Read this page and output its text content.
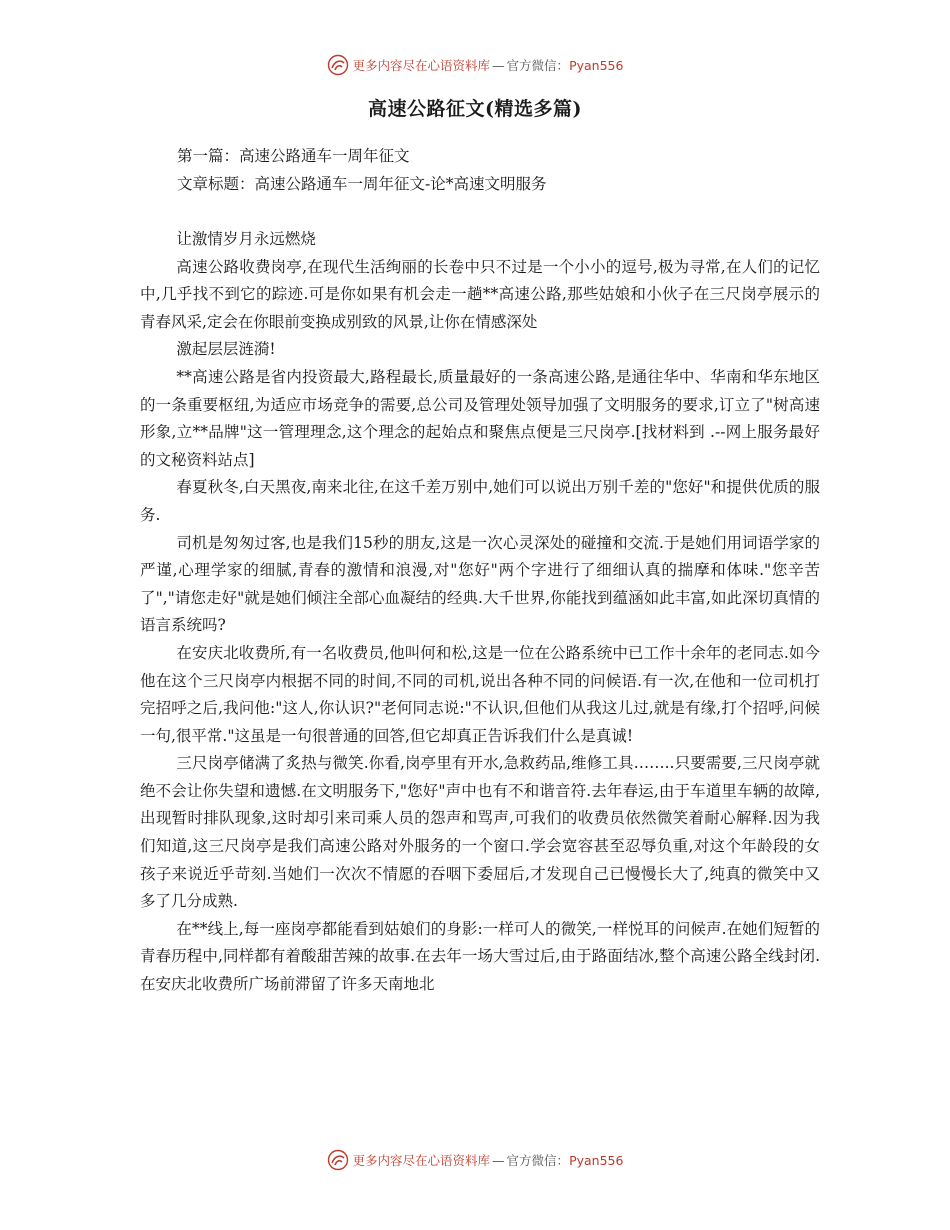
更多内容尽在心语资料库 — 官方微信： Pyan556
高速公路征文(精选多篇)
第一篇：高速公路通车一周年征文
文章标题：高速公路通车一周年征文-论*高速文明服务

让激情岁月永远燃烧

高速公路收费岗亭,在现代生活绚丽的长卷中只不过是一个小小的逗号,极为寻常,在人们的记忆中,几乎找不到它的踪迹.可是你如果有机会走一趟**高速公路,那些姑娘和小伙子在三尺岗亭展示的青春风采,定会在你眼前变换成别致的风景,让你在情感深处

激起层层涟漪!

**高速公路是省内投资最大,路程最长,质量最好的一条高速公路,是通往华中、华南和华东地区的一条重要枢纽,为适应市场竞争的需要,总公司及管理处领导加强了文明服务的要求,订立了"树高速形象,立**品牌"这一管理理念,这个理念的起始点和聚焦点便是三尺岗亭.[找材料到 .--网上服务最好的文秘资料站点]

春夏秋冬,白天黑夜,南来北往,在这千差万别中,她们可以说出万别千差的"您好"和提供优质的服务.

司机是匆匆过客,也是我们15秒的朋友,这是一次心灵深处的碰撞和交流.于是她们用词语学家的严谨,心理学家的细腻,青春的激情和浪漫,对"您好"两个字进行了细细认真的揣摩和体味."您辛苦了","请您走好"就是她们倾注全部心血凝结的经典.大千世界,你能找到蕴涵如此丰富,如此深切真情的语言系统吗?

在安庆北收费所,有一名收费员,他叫何和松,这是一位在公路系统中已工作十余年的老同志.如今他在这个三尺岗亭内根据不同的时间,不同的司机,说出各种不同的问候语.有一次,在他和一位司机打完招呼之后,我问他:"这人,你认识?"老何同志说:"不认识,但他们从我这儿过,就是有缘,打个招呼,问候一句,很平常."这虽是一句很普通的回答,但它却真正告诉我们什么是真诚!

三尺岗亭储满了炙热与微笑.你看,岗亭里有开水,急救药品,维修工具……..只要需要,三尺岗亭就绝不会让你失望和遗憾.在文明服务下,"您好"声中也有不和谐音符.去年春运,由于车道里车辆的故障,出现暂时排队现象,这时却引来司乘人员的怨声和骂声,可我们的收费员依然微笑着耐心解释.因为我们知道,这三尺岗亭是我们高速公路对外服务的一个窗口.学会宽容甚至忍辱负重,对这个年龄段的女孩子来说近乎苛刻.当她们一次次不情愿的吞咽下委屈后,才发现自己已慢慢长大了,纯真的微笑中又多了几分成熟.

在**线上,每一座岗亭都能看到姑娘们的身影:一样可人的微笑,一样悦耳的问候声.在她们短暂的青春历程中,同样都有着酸甜苦辣的故事.在去年一场大雪过后,由于路面结冰,整个高速公路全线封闭.在安庆北收费所广场前滞留了许多天南地北

更多内容尽在心语资料库 — 官方微信： Pyan556
